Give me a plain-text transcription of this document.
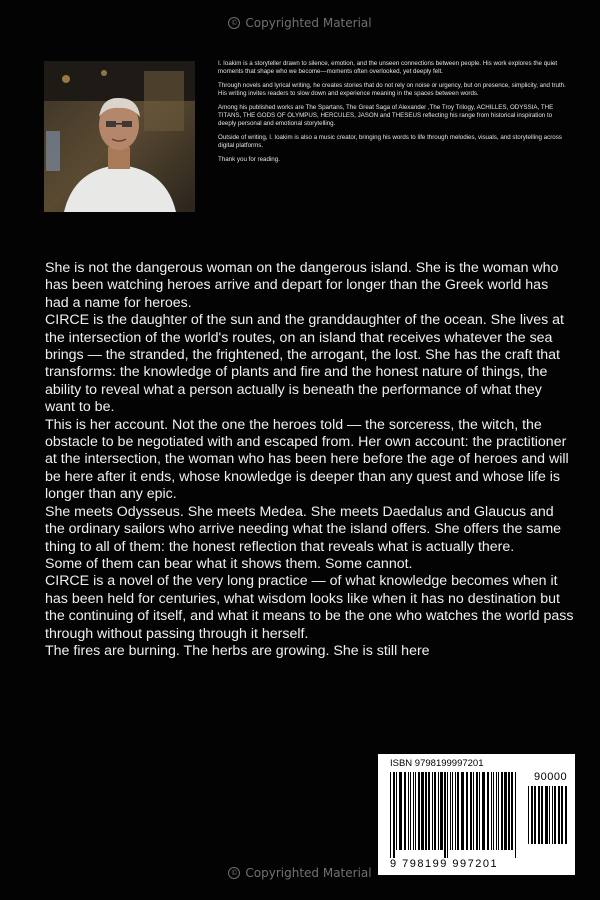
© Copyrighted Material

I. Ioakim is a storyteller drawn to silence, emotion, and the unseen connections between people. His work explores the quiet moments that shape who we become—moments often overlooked, yet deeply felt.

Through novels and lyrical writing, he creates stories that do not rely on noise or urgency, but on presence, simplicity, and truth. His writing invites readers to slow down and experience meaning in the spaces between words.

Among his published works are The Spartans, The Great Saga of Alexander ,The Troy Trilogy, ACHILLES, ODYSSIA, THE TITANS, THE GODS OF OLYMPUS, HERCULES, JASON and THESEUS reflecting his range from historical inspiration to deeply personal and emotional storytelling.

Outside of writing, I. Ioakim is also a music creator, bringing his words to life through melodies, visuals, and storytelling across digital platforms.

Thank you for reading.

She is not the dangerous woman on the dangerous island. She is the woman who has been watching heroes arrive and depart for longer than the Greek world has had a name for heroes.

CIRCE is the daughter of the sun and the granddaughter of the ocean. She lives at the intersection of the world's routes, on an island that receives whatever the sea brings — the stranded, the frightened, the arrogant, the lost. She has the craft that transforms: the knowledge of plants and fire and the honest nature of things, the ability to reveal what a person actually is beneath the performance of what they want to be.

This is her account. Not the one the heroes told — the sorceress, the witch, the obstacle to be negotiated with and escaped from. Her own account: the practitioner at the intersection, the woman who has been here before the age of heroes and will be here after it ends, whose knowledge is deeper than any quest and whose life is longer than any epic.

She meets Odysseus. She meets Medea. She meets Daedalus and Glaucus and the ordinary sailors who arrive needing what the island offers. She offers the same thing to all of them: the honest reflection that reveals what is actually there.

Some of them can bear what it shows them. Some cannot.

CIRCE is a novel of the very long practice — of what knowledge becomes when it has been held for centuries, what wisdom looks like when it has no destination but the continuing of itself, and what it means to be the one who watches the world pass through without passing through it herself.

The fires are burning. The herbs are growing. She is still here

ISBN 9798199997201
90000
9 798199 997201
© Copyrighted Material
